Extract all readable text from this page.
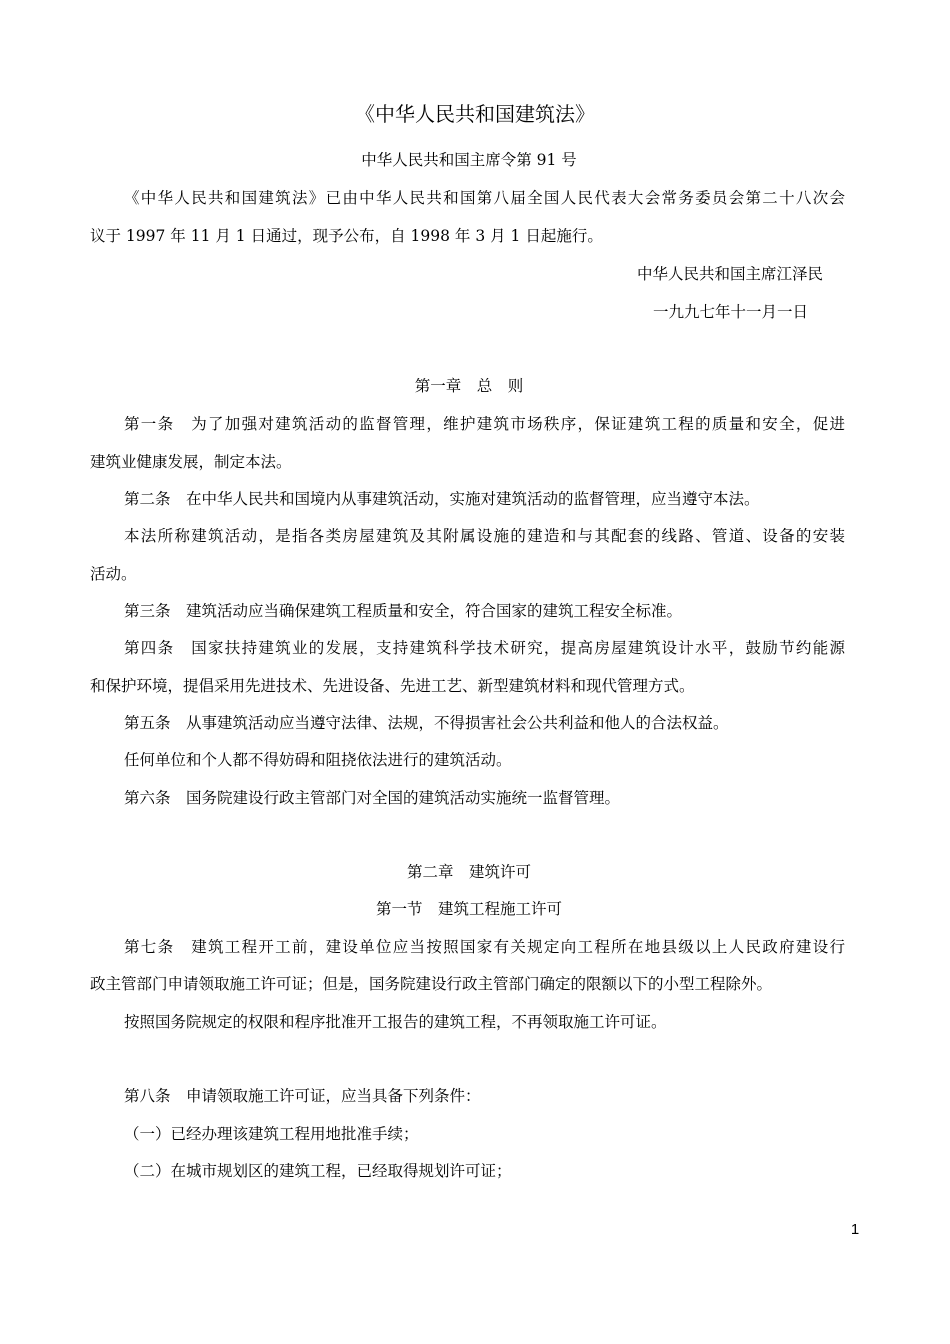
《中华人民共和国建筑法》
中华人民共和国主席令第 91 号
《中华人民共和国建筑法》已由中华人民共和国第八届全国人民代表大会常务委员会第二十八次会
议于 1997 年 11 月 1 日通过，现予公布，自 1998 年 3 月 1 日起施行。
中华人民共和国主席江泽民
一九九七年十一月一日
第一章　总　则
第一条　为了加强对建筑活动的监督管理，维护建筑市场秩序，保证建筑工程的质量和安全，促进
建筑业健康发展，制定本法。
第二条　在中华人民共和国境内从事建筑活动，实施对建筑活动的监督管理，应当遵守本法。
本法所称建筑活动，是指各类房屋建筑及其附属设施的建造和与其配套的线路、管道、设备的安装
活动。
第三条　建筑活动应当确保建筑工程质量和安全，符合国家的建筑工程安全标准。
第四条　国家扶持建筑业的发展，支持建筑科学技术研究，提高房屋建筑设计水平，鼓励节约能源
和保护环境，提倡采用先进技术、先进设备、先进工艺、新型建筑材料和现代管理方式。
第五条　从事建筑活动应当遵守法律、法规，不得损害社会公共利益和他人的合法权益。
任何单位和个人都不得妨碍和阻挠依法进行的建筑活动。
第六条　国务院建设行政主管部门对全国的建筑活动实施统一监督管理。
第二章　建筑许可
第一节　建筑工程施工许可
第七条　建筑工程开工前，建设单位应当按照国家有关规定向工程所在地县级以上人民政府建设行
政主管部门申请领取施工许可证；但是，国务院建设行政主管部门确定的限额以下的小型工程除外。
按照国务院规定的权限和程序批准开工报告的建筑工程，不再领取施工许可证。
第八条　申请领取施工许可证，应当具备下列条件：
（一）已经办理该建筑工程用地批准手续；
（二）在城市规划区的建筑工程，已经取得规划许可证；
1
